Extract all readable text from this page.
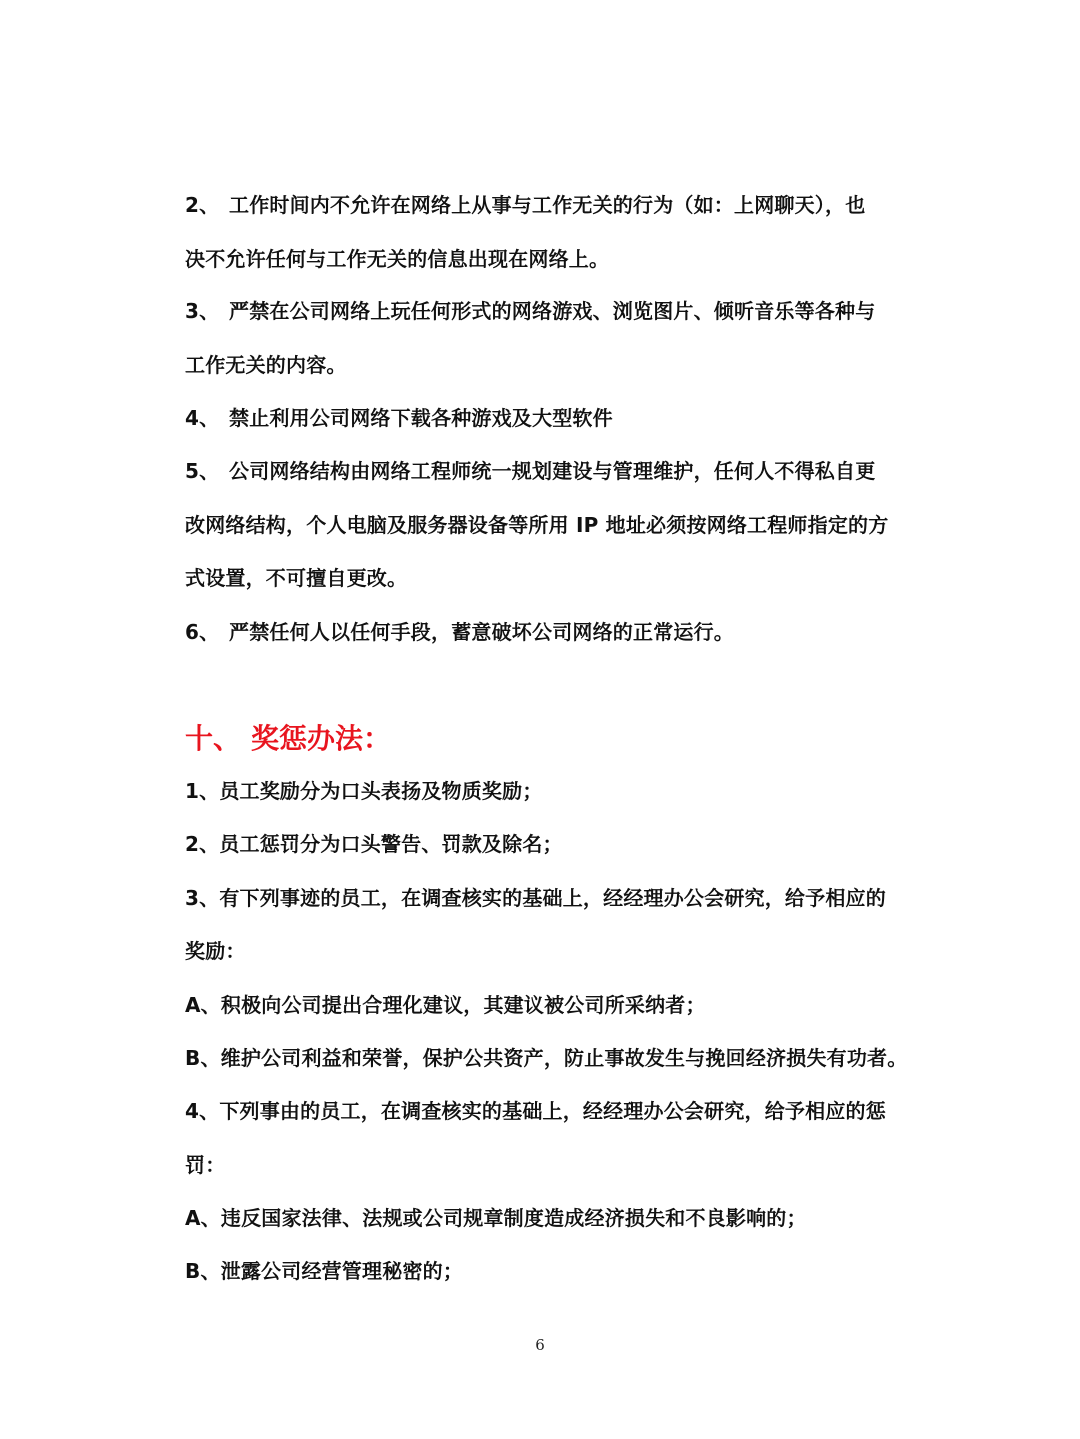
2、 工作时间内不允许在网络上从事与工作无关的行为（如：上网聊天），也
决不允许任何与工作无关的信息出现在网络上。
3、 严禁在公司网络上玩任何形式的网络游戏、浏览图片、倾听音乐等各种与
工作无关的内容。
4、 禁止利用公司网络下载各种游戏及大型软件
5、 公司网络结构由网络工程师统一规划建设与管理维护，任何人不得私自更
改网络结构，个人电脑及服务器设备等所用 IP 地址必须按网络工程师指定的方
式设置，不可擅自更改。
6、 严禁任何人以任何手段，蓄意破坏公司网络的正常运行。
十、 奖惩办法：
1、员工奖励分为口头表扬及物质奖励；
2、员工惩罚分为口头警告、罚款及除名；
3、有下列事迹的员工，在调查核实的基础上，经经理办公会研究，给予相应的
奖励：
A、积极向公司提出合理化建议，其建议被公司所采纳者；
B、维护公司利益和荣誉，保护公共资产，防止事故发生与挽回经济损失有功者。
4、下列事由的员工，在调查核实的基础上，经经理办公会研究，给予相应的惩
罚：
A、违反国家法律、法规或公司规章制度造成经济损失和不良影响的；
B、泄露公司经营管理秘密的；
6
